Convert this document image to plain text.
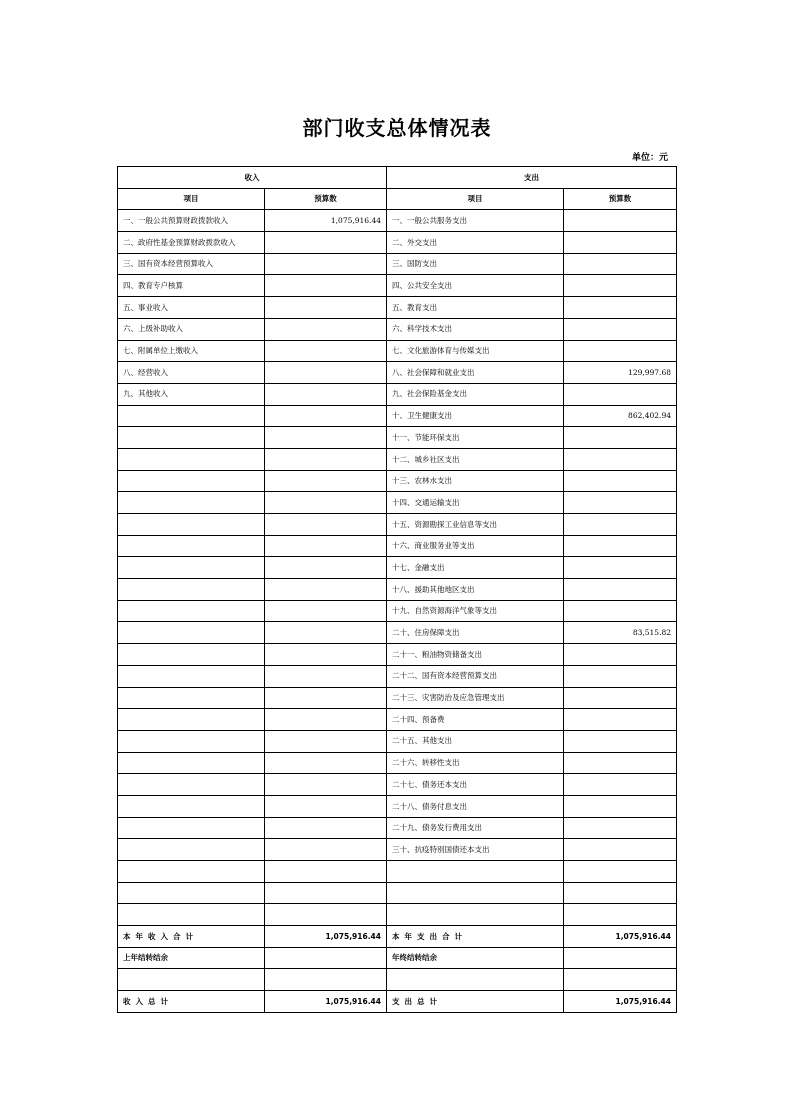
部门收支总体情况表
单位：元
收入		支出	
项目	预算数	项目	预算数
一、一般公共预算财政拨款收入	1,075,916.44	一、一般公共服务支出	
二、政府性基金预算财政拨款收入		二、外交支出	
三、国有资本经营预算收入		三、国防支出	
四、教育专户核算		四、公共安全支出	
五、事业收入		五、教育支出	
六、上级补助收入		六、科学技术支出	
七、附属单位上缴收入		七、文化旅游体育与传媒支出	
八、经营收入		八、社会保障和就业支出	129,997.68
九、其他收入		九、社会保险基金支出	
		十、卫生健康支出	862,402.94
		十一、节能环保支出	
		十二、城乡社区支出	
		十三、农林水支出	
		十四、交通运输支出	
		十五、资源勘探工业信息等支出	
		十六、商业服务业等支出	
		十七、金融支出	
		十八、援助其他地区支出	
		十九、自然资源海洋气象等支出	
		二十、住房保障支出	83,515.82
		二十一、粮油物资储备支出	
		二十二、国有资本经营预算支出	
		二十三、灾害防治及应急管理支出	
		二十四、预备费	
		二十五、其他支出	
		二十六、转移性支出	
		二十七、债务还本支出	
		二十八、债务付息支出	
		二十九、债务发行费用支出	
		三十、抗疫特别国债还本支出	

本年收入合计	1,075,916.44	本年支出合计	1,075,916.44
上年结转结余		年终结转结余	

收入总计	1,075,916.44	支出总计	1,075,916.44
